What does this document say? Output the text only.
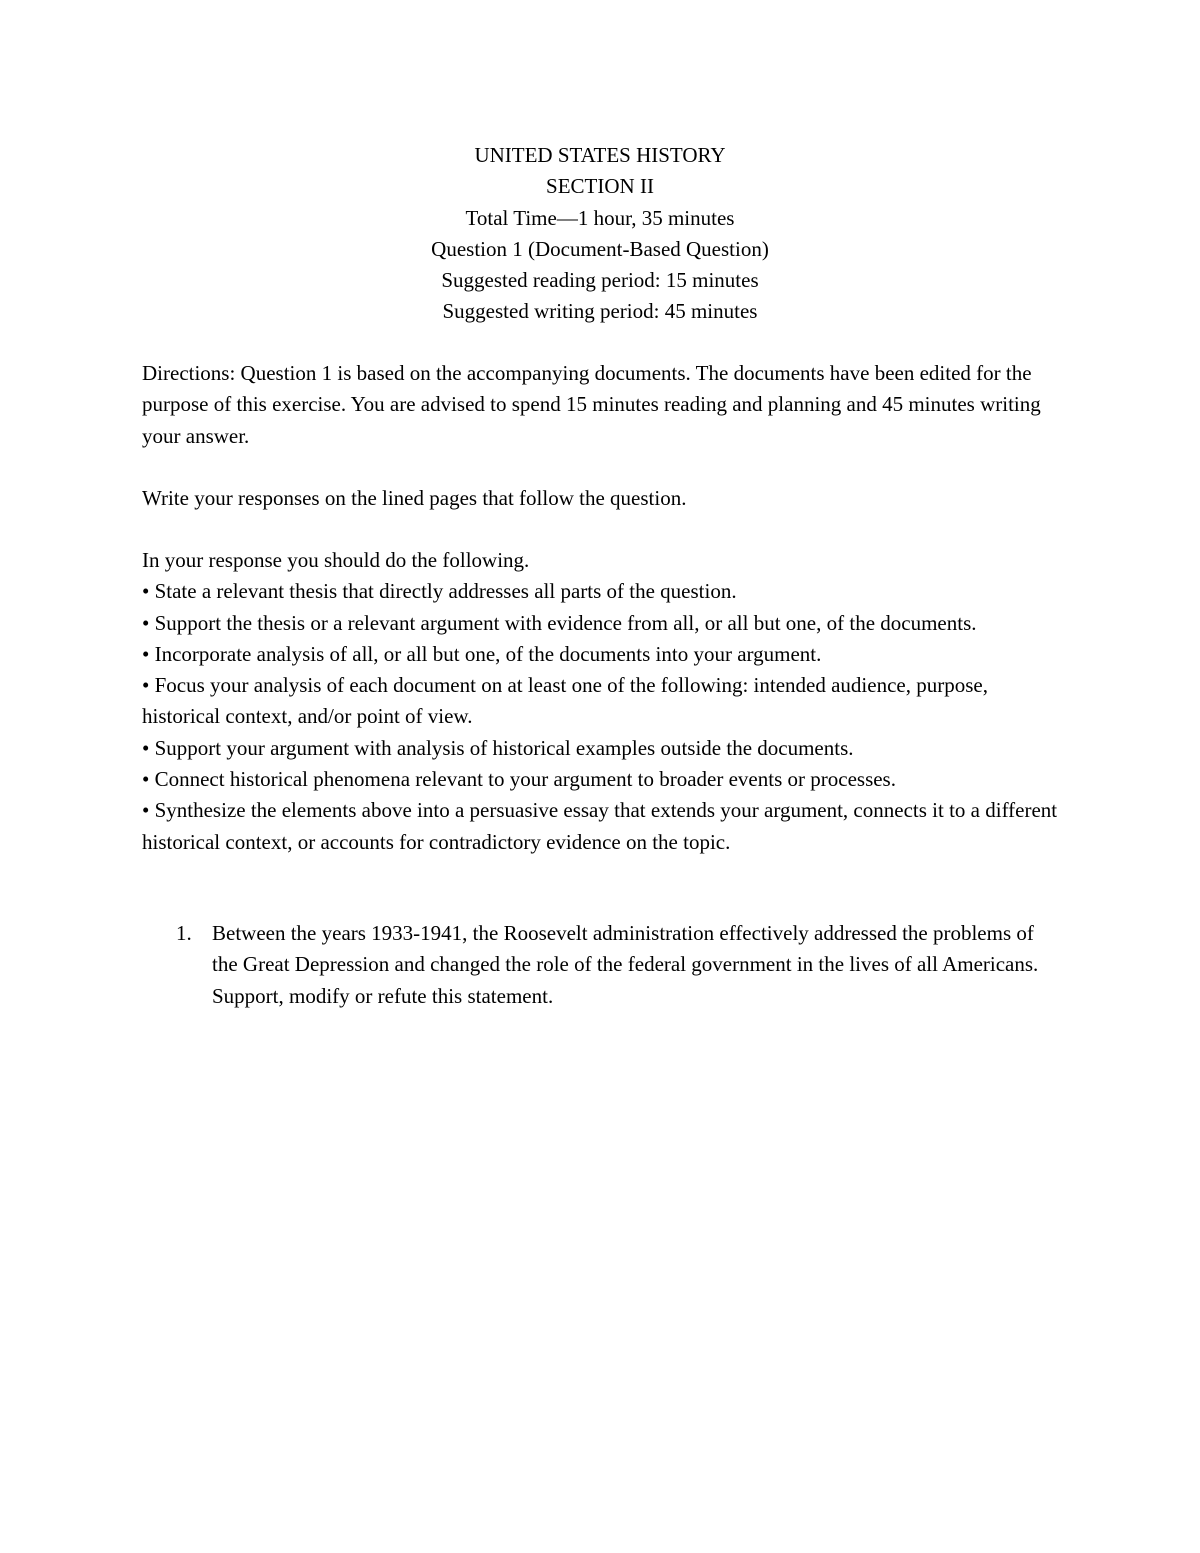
UNITED STATES HISTORY
SECTION II
Total Time—1 hour, 35 minutes
Question 1 (Document-Based Question)
Suggested reading period: 15 minutes
Suggested writing period: 45 minutes
Directions: Question 1 is based on the accompanying documents. The documents have been edited for the purpose of this exercise. You are advised to spend 15 minutes reading and planning and 45 minutes writing your answer.
Write your responses on the lined pages that follow the question.
In your response you should do the following.
• State a relevant thesis that directly addresses all parts of the question.
• Support the thesis or a relevant argument with evidence from all, or all but one, of the documents.
• Incorporate analysis of all, or all but one, of the documents into your argument.
• Focus your analysis of each document on at least one of the following: intended audience, purpose, historical context, and/or point of view.
• Support your argument with analysis of historical examples outside the documents.
• Connect historical phenomena relevant to your argument to broader events or processes.
• Synthesize the elements above into a persuasive essay that extends your argument, connects it to a different historical context, or accounts for contradictory evidence on the topic.
1. Between the years 1933-1941, the Roosevelt administration effectively addressed the problems of the Great Depression and changed the role of the federal government in the lives of all Americans. Support, modify or refute this statement.
